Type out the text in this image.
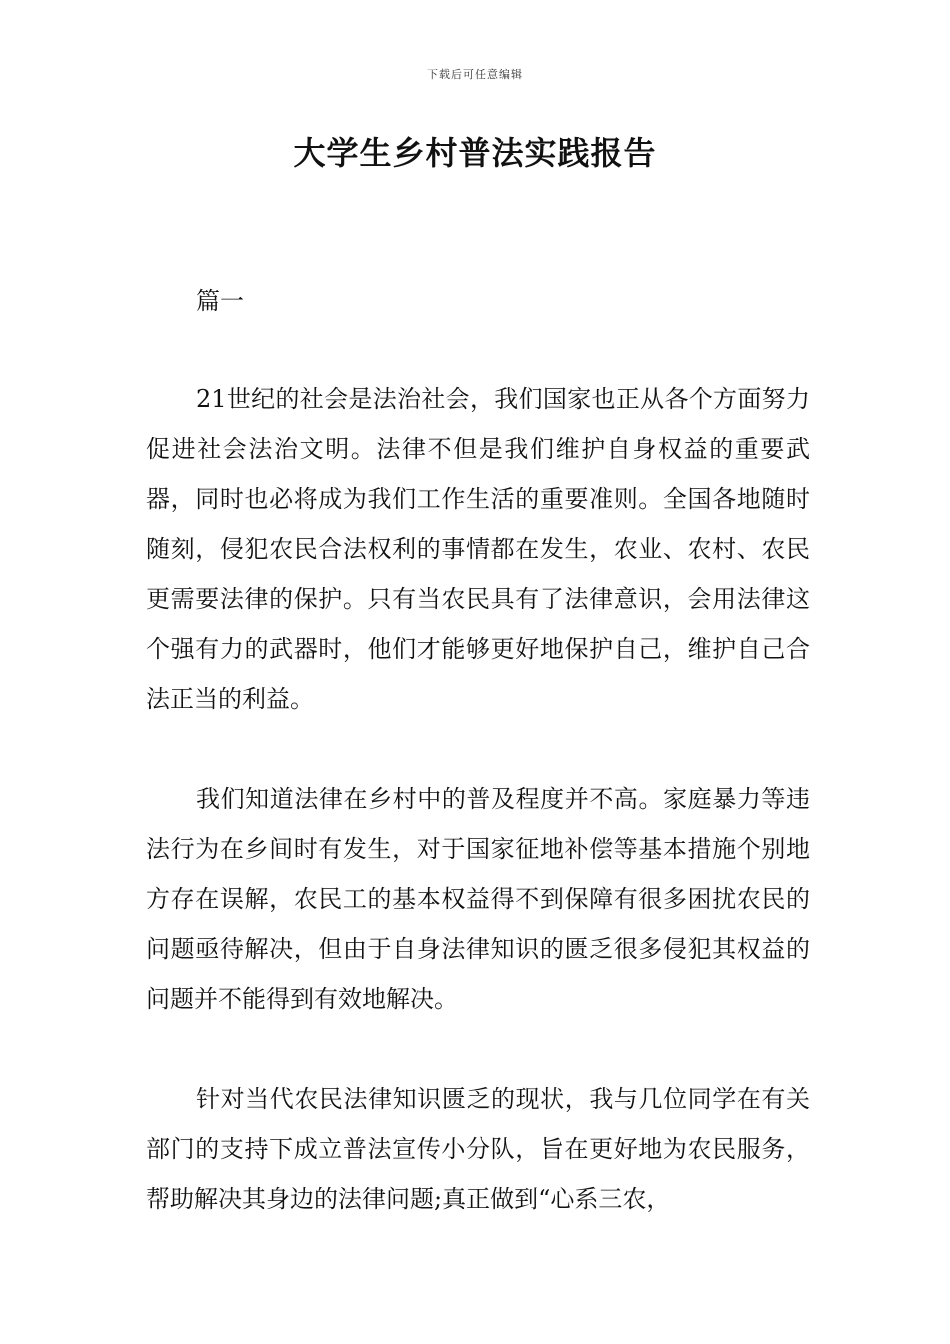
下载后可任意编辑
大学生乡村普法实践报告
篇一

21世纪的社会是法治社会，我们国家也正从各个方面努力促进社会法治文明。法律不但是我们维护自身权益的重要武器，同时也必将成为我们工作生活的重要准则。全国各地随时随刻，侵犯农民合法权利的事情都在发生，农业、农村、农民更需要法律的保护。只有当农民具有了法律意识，会用法律这个强有力的武器时，他们才能够更好地保护自己，维护自己合法正当的利益。

我们知道法律在乡村中的普及程度并不高。家庭暴力等违法行为在乡间时有发生，对于国家征地补偿等基本措施个别地方存在误解，农民工的基本权益得不到保障有很多困扰农民的问题亟待解决，但由于自身法律知识的匮乏很多侵犯其权益的问题并不能得到有效地解决。

针对当代农民法律知识匮乏的现状，我与几位同学在有关部门的支持下成立普法宣传小分队，旨在更好地为农民服务，帮助解决其身边的法律问题;真正做到“心系三农，
